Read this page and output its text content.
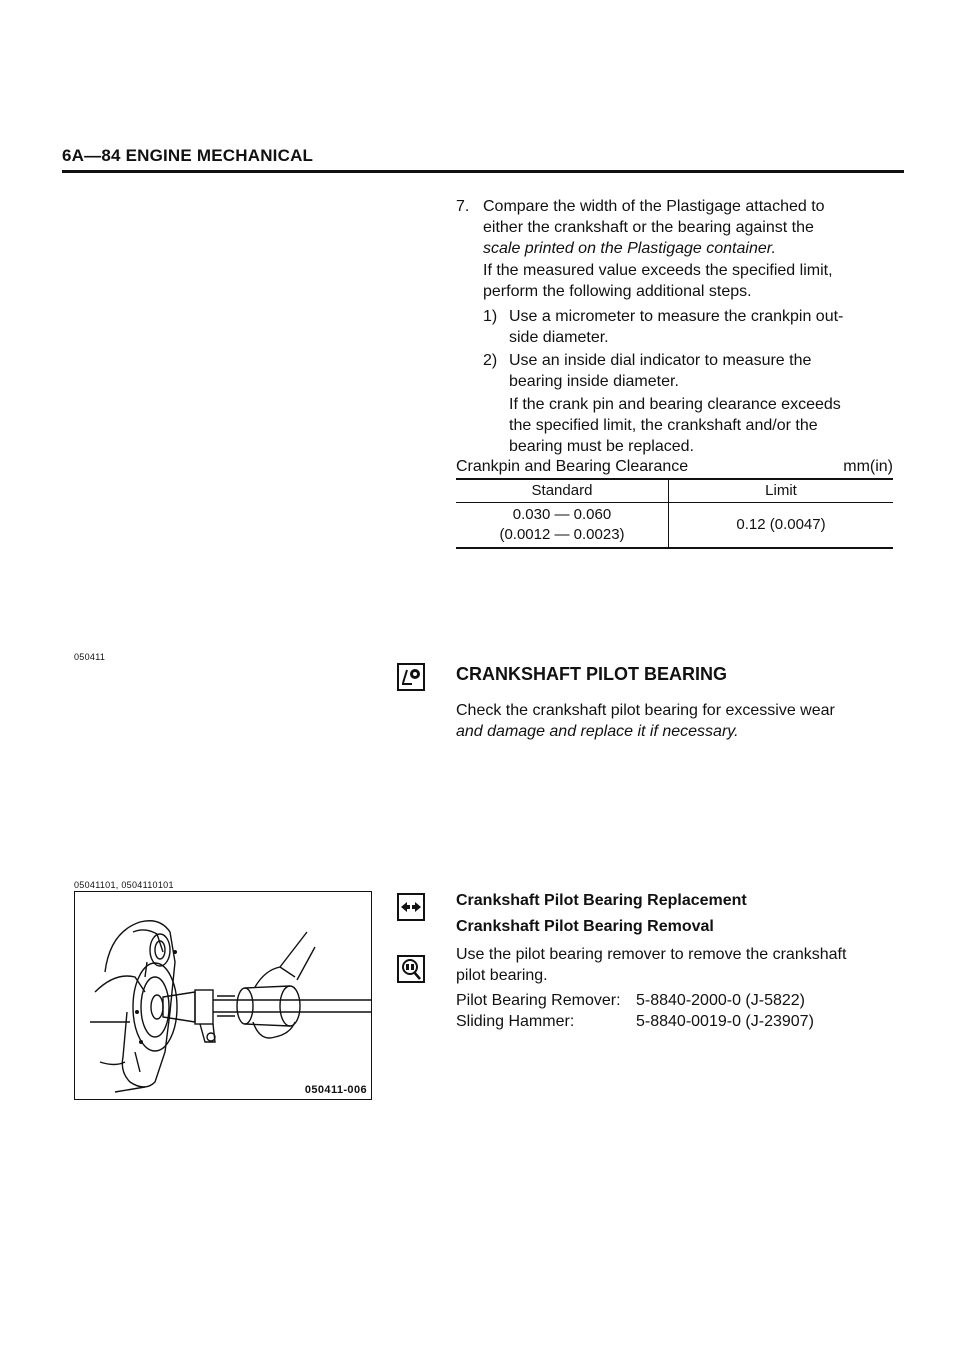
6A—84 ENGINE MECHANICAL
7. Compare the width of the Plastigage attached to
either the crankshaft or the bearing against the
scale printed on the Plastigage container.
If the measured value exceeds the specified limit,
perform the following additional steps.
1) Use a micrometer to measure the crankpin out-
side diameter.
2) Use an inside dial indicator to measure the
bearing inside diameter.
If the crank pin and bearing clearance exceeds
the specified limit, the crankshaft and/or the
bearing must be replaced.
Crankpin and Bearing Clearance	mm(in)
Standard	Limit

0.030 — 0.060
(0.0012 — 0.0023)	0.12 (0.0047)
050411
CRANKSHAFT PILOT BEARING
Check the crankshaft pilot bearing for excessive wear
and damage and replace it if necessary.
05041101, 0504110101
050411-006
Crankshaft Pilot Bearing Replacement
Crankshaft Pilot Bearing Removal
Use the pilot bearing remover to remove the crankshaft
pilot bearing.
Pilot Bearing Remover: 5-8840-2000-0 (J-5822)
Sliding Hammer:	5-8840-0019-0 (J-23907)
